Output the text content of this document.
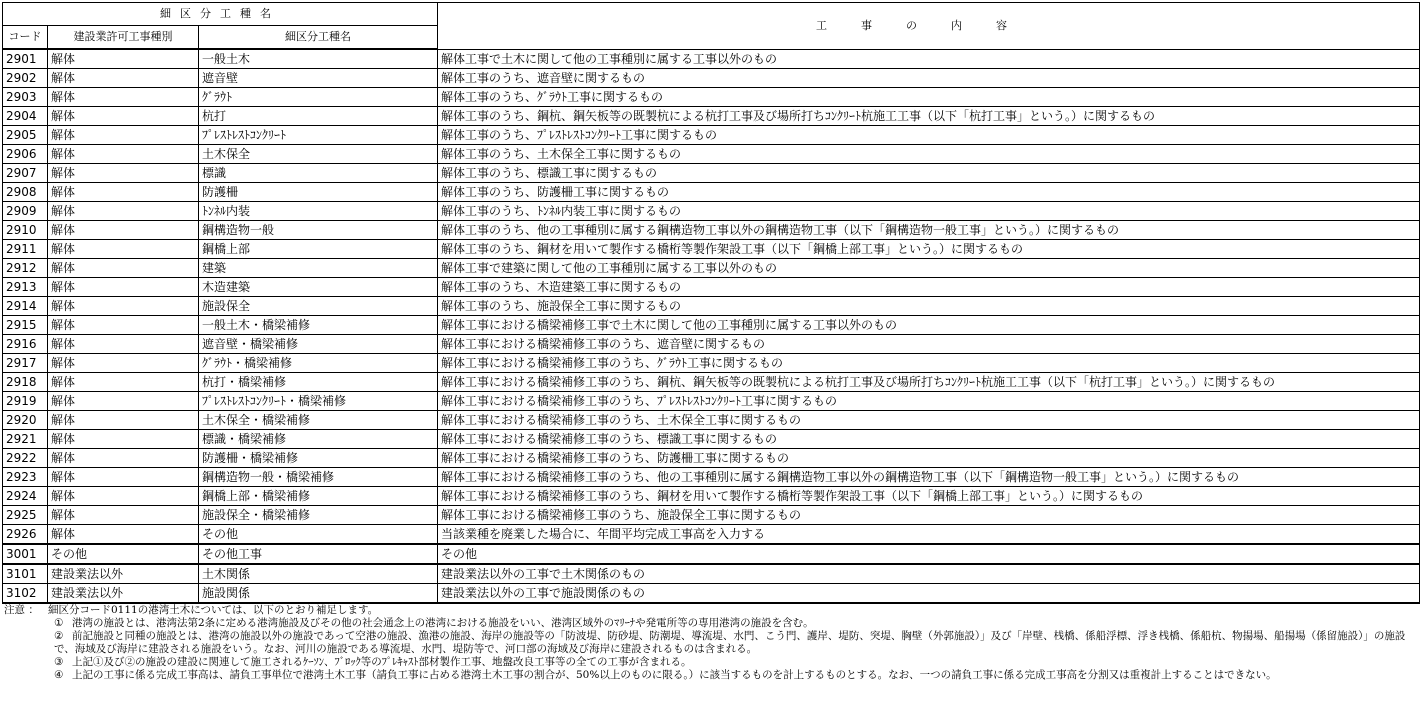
細区分工種名			工事の内容
コード	建設業許可工事種別	細区分工種名	
2901	解体	一般土木	解体工事で土木に関して他の工事種別に属する工事以外のもの
2902	解体	遮音壁	解体工事のうち、遮音壁に関するもの
2903	解体	ｸﾞﾗｳﾄ	解体工事のうち、ｸﾞﾗｳﾄ工事に関するもの
2904	解体	杭打	解体工事のうち、鋼杭、鋼矢板等の既製杭による杭打工事及び場所打ちｺﾝｸﾘｰﾄ杭施工工事（以下「杭打工事」という。）に関するもの
2905	解体	ﾌﾟﾚｽﾄﾚｽﾄｺﾝｸﾘｰﾄ	解体工事のうち、ﾌﾟﾚｽﾄﾚｽﾄｺﾝｸﾘｰﾄ工事に関するもの
2906	解体	土木保全	解体工事のうち、土木保全工事に関するもの
2907	解体	標識	解体工事のうち、標識工事に関するもの
2908	解体	防護柵	解体工事のうち、防護柵工事に関するもの
2909	解体	ﾄﾝﾈﾙ内装	解体工事のうち、ﾄﾝﾈﾙ内装工事に関するもの
2910	解体	鋼構造物一般	解体工事のうち、他の工事種別に属する鋼構造物工事以外の鋼構造物工事（以下「鋼構造物一般工事」という。）に関するもの
2911	解体	鋼橋上部	解体工事のうち、鋼材を用いて製作する橋桁等製作架設工事（以下「鋼橋上部工事」という。）に関するもの
2912	解体	建築	解体工事で建築に関して他の工事種別に属する工事以外のもの
2913	解体	木造建築	解体工事のうち、木造建築工事に関するもの
2914	解体	施設保全	解体工事のうち、施設保全工事に関するもの
2915	解体	一般土木・橋梁補修	解体工事における橋梁補修工事で土木に関して他の工事種別に属する工事以外のもの
2916	解体	遮音壁・橋梁補修	解体工事における橋梁補修工事のうち、遮音壁に関するもの
2917	解体	ｸﾞﾗｳﾄ・橋梁補修	解体工事における橋梁補修工事のうち、ｸﾞﾗｳﾄ工事に関するもの
2918	解体	杭打・橋梁補修	解体工事における橋梁補修工事のうち、鋼杭、鋼矢板等の既製杭による杭打工事及び場所打ちｺﾝｸﾘｰﾄ杭施工工事（以下「杭打工事」という。）に関するもの
2919	解体	ﾌﾟﾚｽﾄﾚｽﾄｺﾝｸﾘｰﾄ・橋梁補修	解体工事における橋梁補修工事のうち、ﾌﾟﾚｽﾄﾚｽﾄｺﾝｸﾘｰﾄ工事に関するもの
2920	解体	土木保全・橋梁補修	解体工事における橋梁補修工事のうち、土木保全工事に関するもの
2921	解体	標識・橋梁補修	解体工事における橋梁補修工事のうち、標識工事に関するもの
2922	解体	防護柵・橋梁補修	解体工事における橋梁補修工事のうち、防護柵工事に関するもの
2923	解体	鋼構造物一般・橋梁補修	解体工事における橋梁補修工事のうち、他の工事種別に属する鋼構造物工事以外の鋼構造物工事（以下「鋼構造物一般工事」という。）に関するもの
2924	解体	鋼橋上部・橋梁補修	解体工事における橋梁補修工事のうち、鋼材を用いて製作する橋桁等製作架設工事（以下「鋼橋上部工事」という。）に関するもの
2925	解体	施設保全・橋梁補修	解体工事における橋梁補修工事のうち、施設保全工事に関するもの
2926	解体	その他	当該業種を廃業した場合に、年間平均完成工事高を入力する
3001	その他	その他工事	その他
3101	建設業法以外	土木関係	建設業法以外の工事で土木関係のもの
3102	建設業法以外	施設関係	建設業法以外の工事で施設関係のもの
注意 ： 細区分コード0111の港湾土木については、以下のとおり補足します。
① 港湾の施設とは、港湾法第2条に定める港湾施設及びその他の社会通念上の港湾における施設をいい、港湾区域外のﾏﾘｰﾅや発電所等の専用港湾の施設を含む。
② 前記施設と同種の施設とは、港湾の施設以外の施設であって空港の施設、漁港の施設、海岸の施設等の「防波堤、防砂堤、防潮堤、導流堤、水門、こう門、護岸、堤防、突堤、胸壁（外郭施設）」及び「岸壁、桟橋、係船浮標、浮き桟橋、係船杭、物揚場、船揚場（係留施設）」の施設で、海域及び海岸に建設される施設をいう。なお、河川の施設である導流堤、水門、堤防等で、河口部の海域及び海岸に建設されるものは含まれる。
③ 上記①及び②の施設の建設に関連して施工されるｹｰｿﾝ、ﾌﾞﾛｯｸ等のﾌﾟﾚｷｬｽﾄ部材製作工事、地盤改良工事等の全ての工事が含まれる。
④ 上記の工事に係る完成工事高は、請負工事単位で港湾土木工事（請負工事に占める港湾土木工事の割合が、50%以上のものに限る。）に該当するものを計上するものとする。なお、一つの請負工事に係る完成工事高を分割又は重複計上することはできない。
